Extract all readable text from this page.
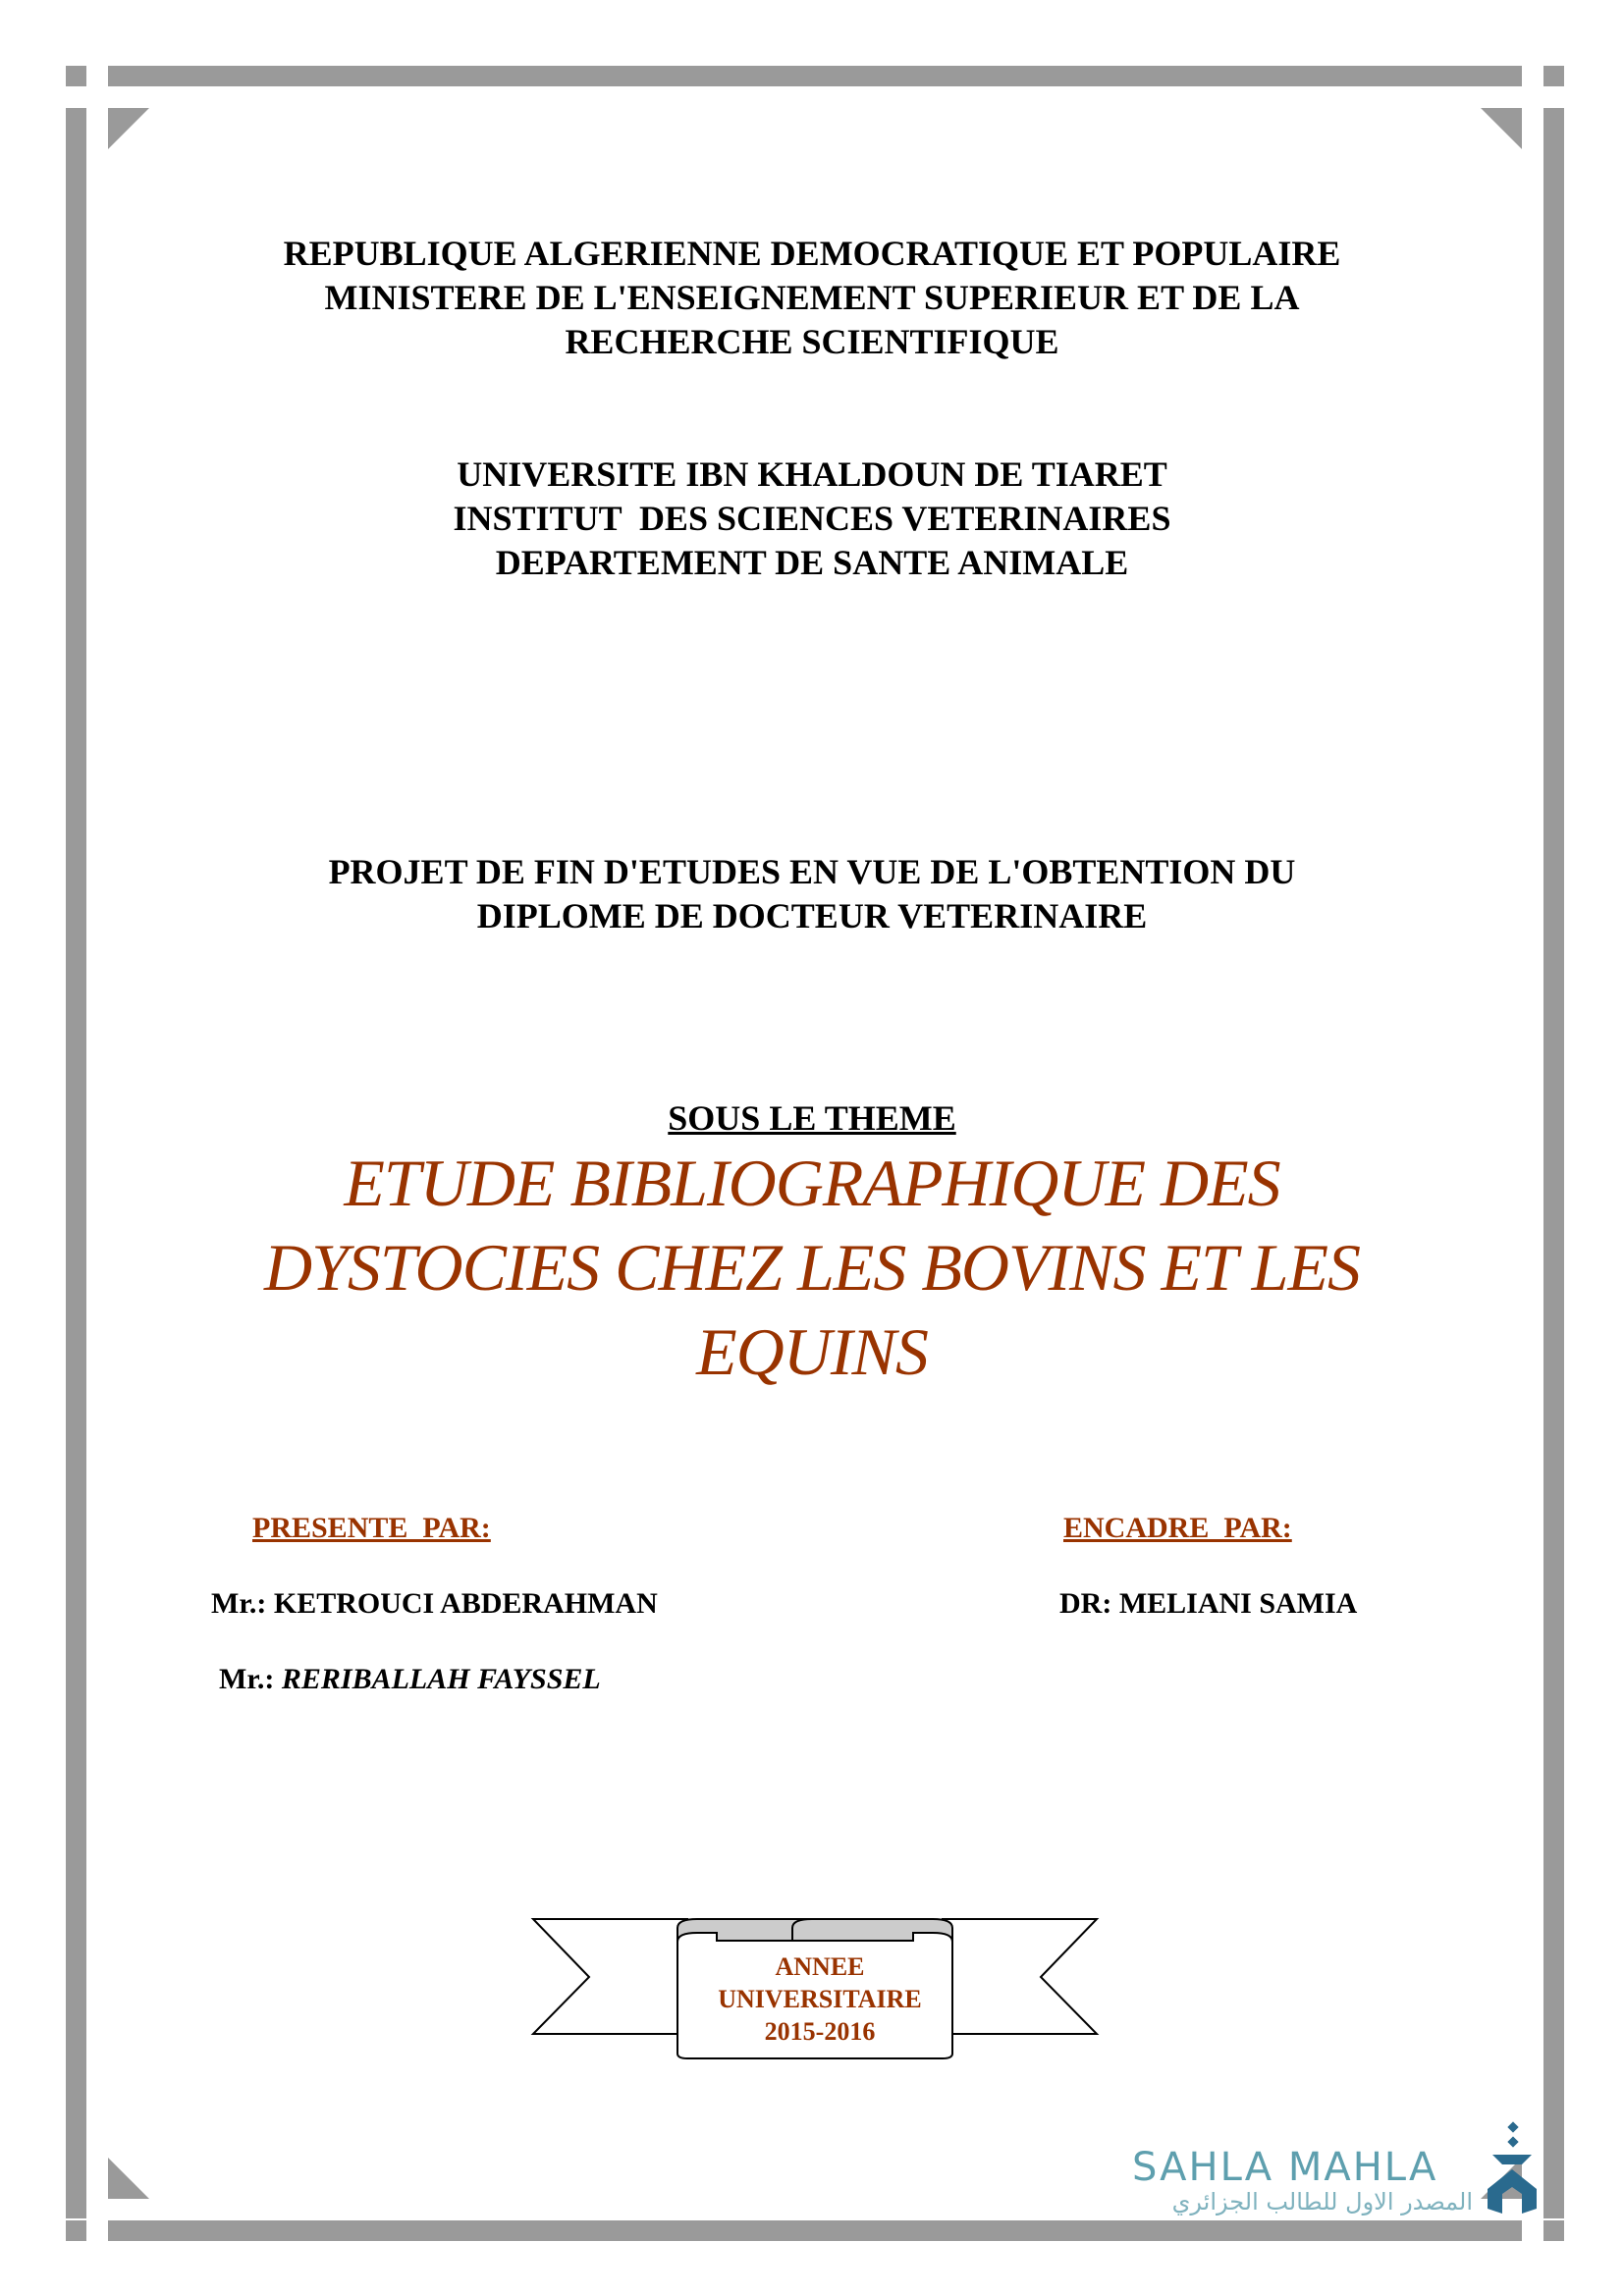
REPUBLIQUE ALGERIENNE DEMOCRATIQUE ET POPULAIRE
MINISTERE DE L'ENSEIGNEMENT SUPERIEUR ET DE LA
RECHERCHE SCIENTIFIQUE
UNIVERSITE IBN KHALDOUN DE TIARET
INSTITUT  DES SCIENCES VETERINAIRES
DEPARTEMENT DE SANTE ANIMALE
PROJET DE FIN D'ETUDES EN VUE DE L'OBTENTION DU
DIPLOME DE DOCTEUR VETERINAIRE
SOUS LE THEME
ETUDE BIBLIOGRAPHIQUE DES
DYSTOCIES CHEZ LES BOVINS ET LES
EQUINS
PRESENTE  PAR:	ENCADRE  PAR:
Mr.: KETROUCI ABDERAHMAN	DR: MELIANI SAMIA
Mr.: RERIBALLAH FAYSSEL
ANNEE
UNIVERSITAIRE
2015-2016
SAHLA MAHLA
المصدر الاول للطالب الجزائري
